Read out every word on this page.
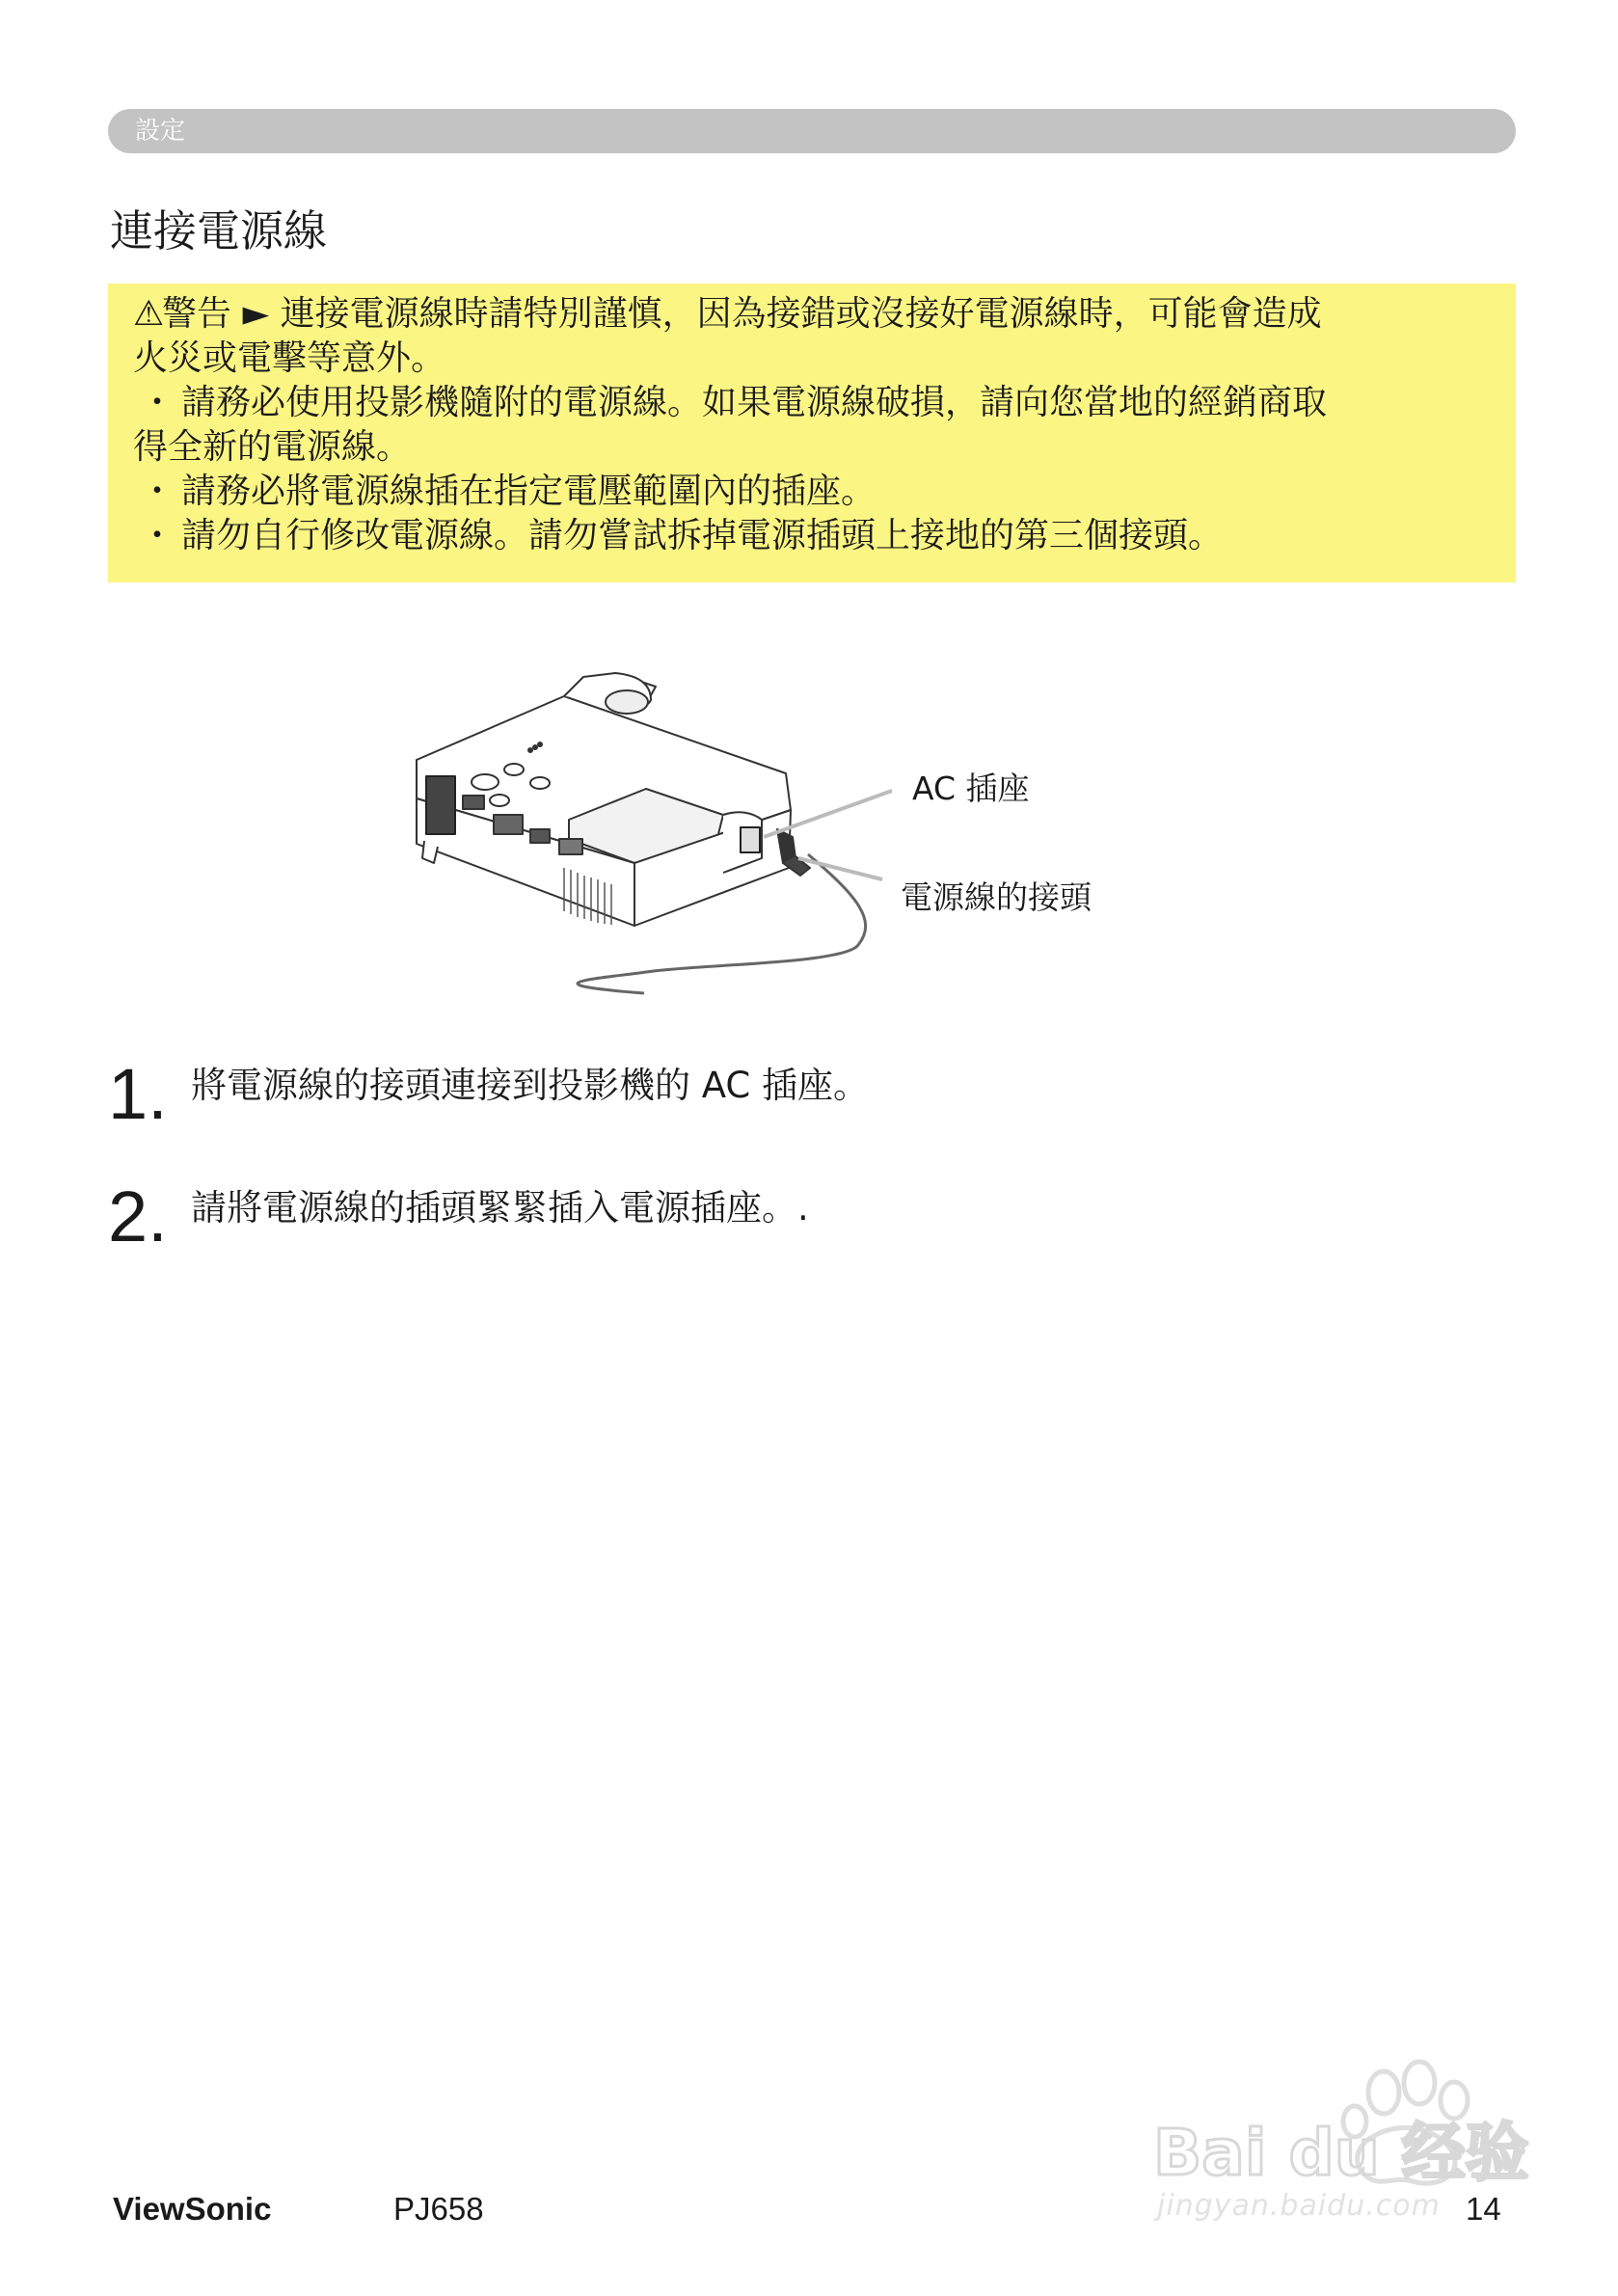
設定
連接電源線

⚠警告 ► 連接電源線時請特別謹慎，因為接錯或沒接好電源線時，可能會造成

火災或電擊等意外。

・ 請務必使用投影機隨附的電源線。如果電源線破損，請向您當地的經銷商取

得全新的電源線。

・ 請務必將電源線插在指定電壓範圍內的插座。

・ 請勿自行修改電源線。請勿嘗試拆掉電源插頭上接地的第三個接頭。

AC 插座
電源線的接頭
1. 將電源線的接頭連接到投影機的 AC 插座。
2. 請將電源線的插頭緊緊插入電源插座。.
Bai du 经验
jingyan.baidu.com
ViewSonic	PJ658	14
